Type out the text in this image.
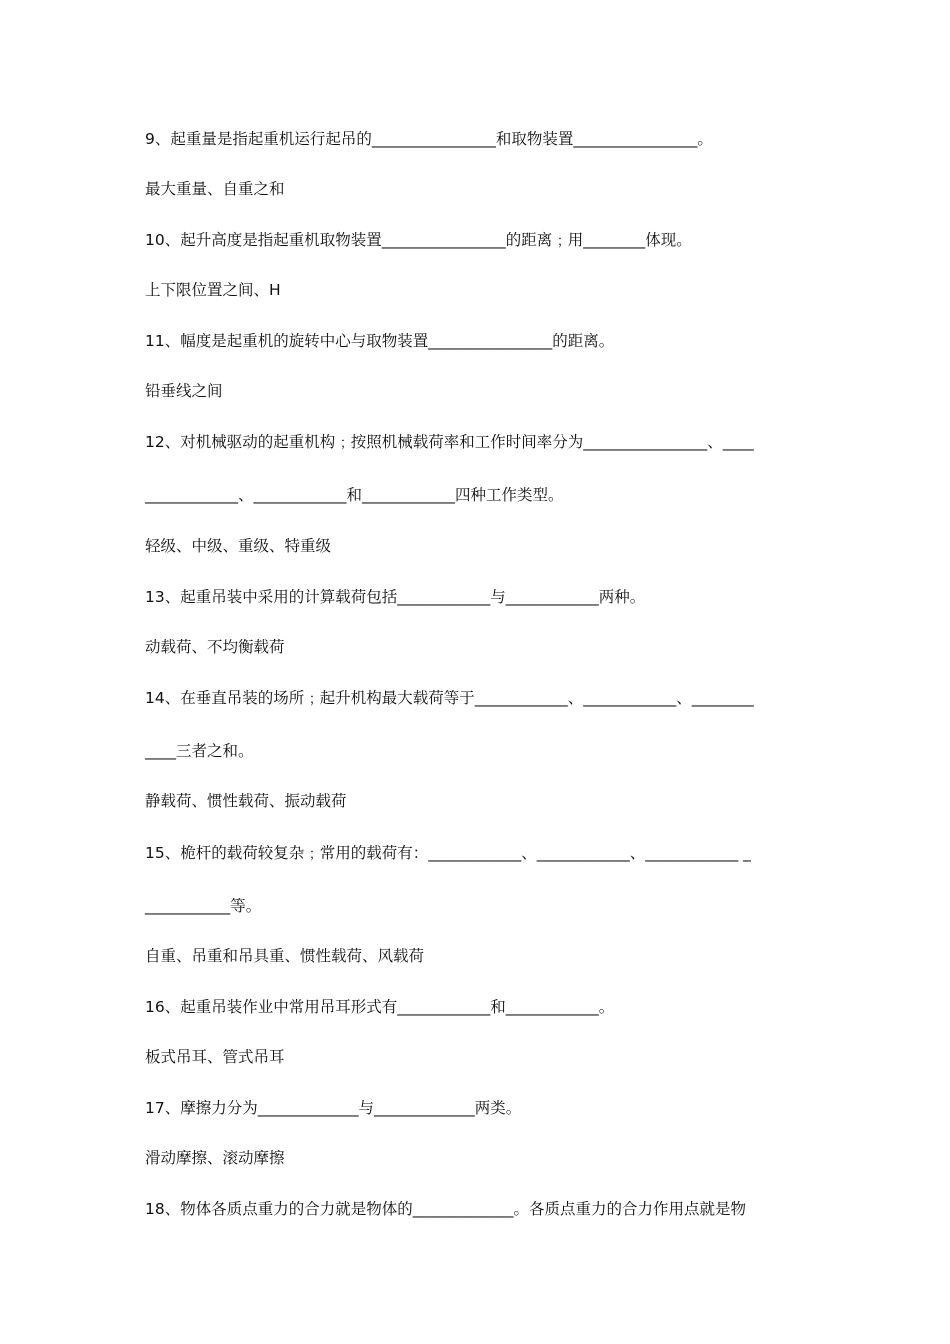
9、起重量是指起重机运行起吊的________________和取物装置________________。
最大重量、自重之和
10、起升高度是指起重机取物装置________________的距离﹔用________体现。
上下限位置之间、H
11、幅度是起重机的旋转中心与取物装置________________的距离。
铅垂线之间
12、对机械驱动的起重机构﹔按照机械载荷率和工作时间率分为________________、____
____________、____________和____________四种工作类型。
轻级、中级、重级、特重级
13、起重吊装中采用的计算载荷包括____________与____________两种。
动载荷、不均衡载荷
14、在垂直吊装的场所﹔起升机构最大载荷等于____________、____________、________
____三者之和。
静载荷、惯性载荷、振动载荷
15、桅杆的载荷较复杂﹔常用的载荷有：____________、____________、____________ _
___________等。
自重、吊重和吊具重、惯性载荷、风载荷
16、起重吊装作业中常用吊耳形式有____________和____________。
板式吊耳、管式吊耳
17、摩擦力分为_____________与_____________两类。
滑动摩擦、滚动摩擦
18、物体各质点重力的合力就是物体的_____________。各质点重力的合力作用点就是物
